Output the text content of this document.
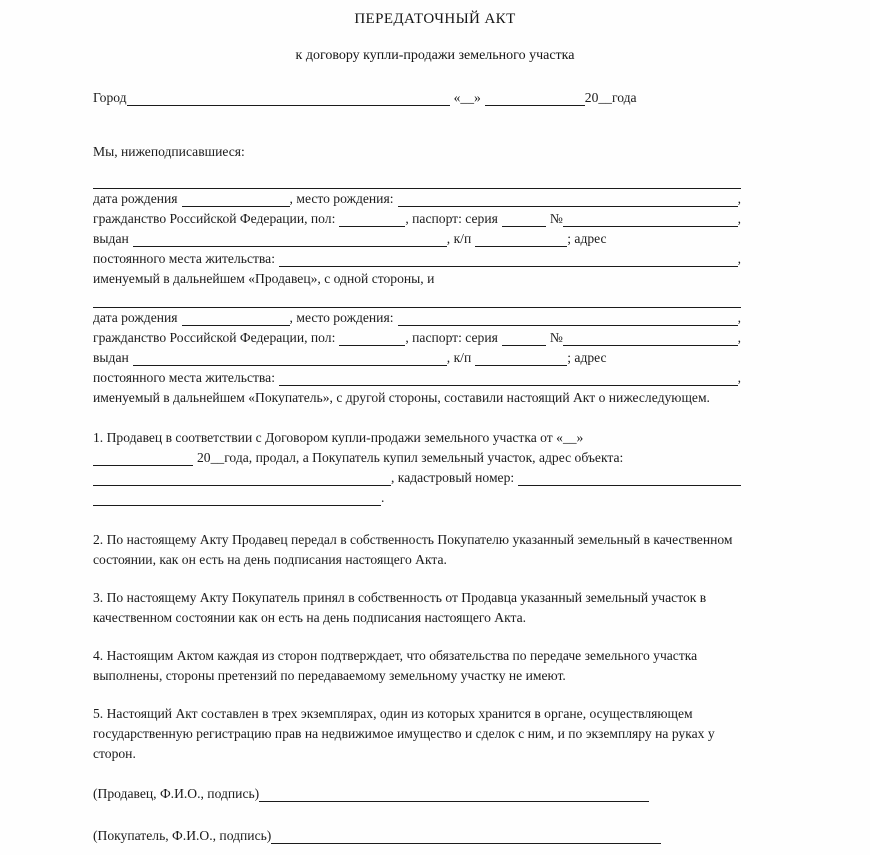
ПЕРЕДАТОЧНЫЙ АКТ
к договору купли-продажи земельного участка
Город	«__»	20 __года
Мы, нижеподписавшиеся:
дата рождения	, место рождения:	,
гражданство Российской Федерации, пол:	, паспорт: серия	№	,
выдан	, к/п	; адрес
постоянного места жительства:	,
именуемый в дальнейшем «Продавец», с одной стороны, и
дата рождения	, место рождения:	,
гражданство Российской Федерации, пол:	, паспорт: серия	№	,
выдан	, к/п	; адрес
постоянного места жительства:	,
именуемый в дальнейшем «Покупатель», с другой стороны, составили настоящий Акт о нижеследующем.
1. Продавец в соответствии с Договором купли-продажи земельного участка от «__»
20__года, продал, а Покупатель купил земельный участок, адрес объекта:
, кадастровый номер:
.
2. По настоящему Акту Продавец передал в собственность Покупателю указанный земельный в качественном состоянии, как он есть на день подписания настоящего Акта.
3. По настоящему Акту Покупатель принял в собственность от Продавца указанный земельный участок в качественном состоянии как он есть на день подписания настоящего Акта.
4. Настоящим Актом каждая из сторон подтверждает, что обязательства по передаче земельного участка выполнены, стороны претензий по передаваемому земельному участку не имеют.
5. Настоящий Акт составлен в трех экземплярах, один из которых хранится в органе, осуществляющем государственную регистрацию прав на недвижимое имущество и сделок с ним, и по экземпляру на руках у сторон.
(Продавец, Ф.И.О., подпись)
(Покупатель, Ф.И.О., подпись)
